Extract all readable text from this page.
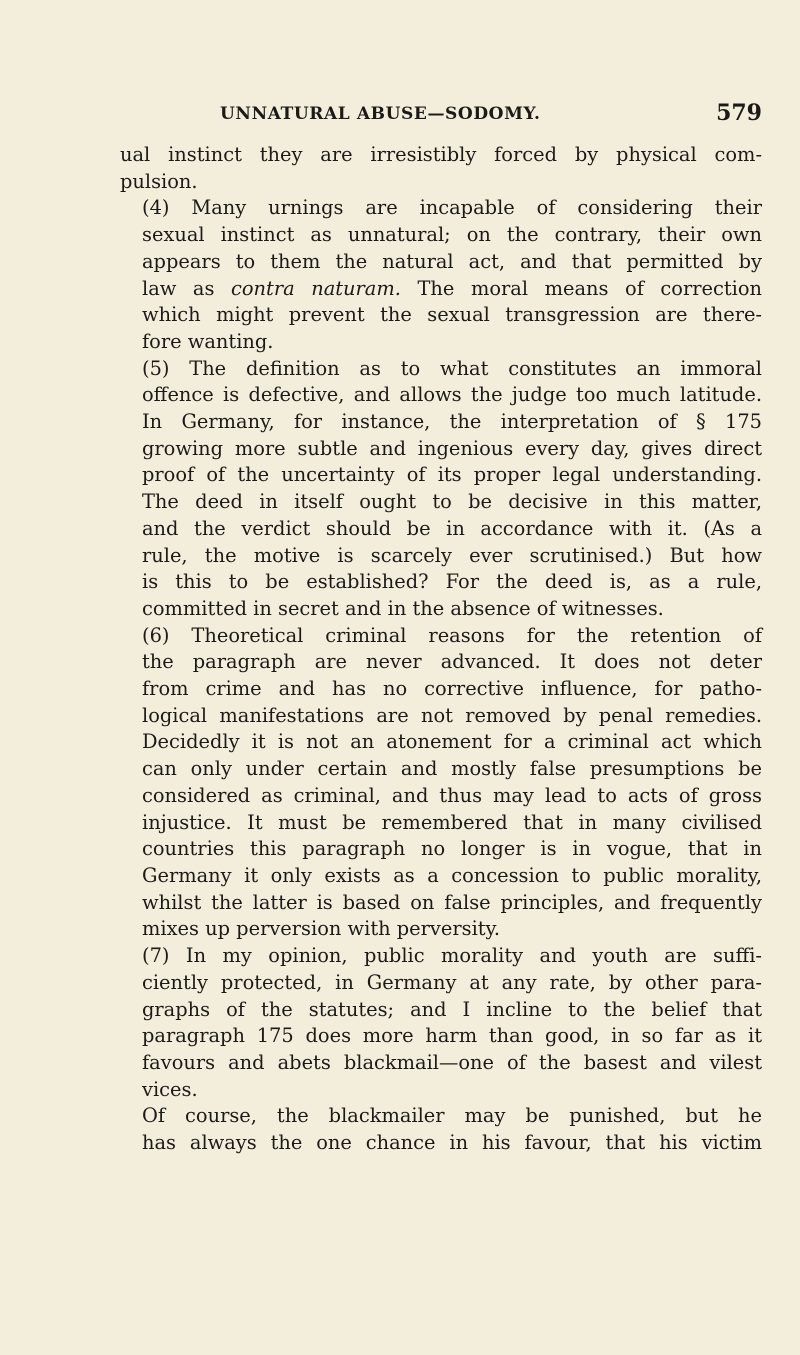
UNNATURAL ABUSE—SODOMY.	579

ual instinct they are irresistibly forced by physical com-
pulsion.

(4) Many urnings are incapable of considering their
sexual instinct as unnatural; on the contrary, their own
appears to them the natural act, and that permitted by
law as contra naturam. The moral means of correction
which might prevent the sexual transgression are there-
fore wanting.

(5) The definition as to what constitutes an immoral
offence is defective, and allows the judge too much latitude.
In Germany, for instance, the interpretation of § 175
growing more subtle and ingenious every day, gives direct
proof of the uncertainty of its proper legal understanding.
The deed in itself ought to be decisive in this matter,
and the verdict should be in accordance with it. (As a
rule, the motive is scarcely ever scrutinised.) But how
is this to be established? For the deed is, as a rule,
committed in secret and in the absence of witnesses.

(6) Theoretical criminal reasons for the retention of
the paragraph are never advanced. It does not deter
from crime and has no corrective influence, for patho-
logical manifestations are not removed by penal remedies.
Decidedly it is not an atonement for a criminal act which
can only under certain and mostly false presumptions be
considered as criminal, and thus may lead to acts of gross
injustice. It must be remembered that in many civilised
countries this paragraph no longer is in vogue, that in
Germany it only exists as a concession to public morality,
whilst the latter is based on false principles, and frequently
mixes up perversion with perversity.

(7) In my opinion, public morality and youth are suffi-
ciently protected, in Germany at any rate, by other para-
graphs of the statutes; and I incline to the belief that
paragraph 175 does more harm than good, in so far as it
favours and abets blackmail—one of the basest and vilest
vices.

Of course, the blackmailer may be punished, but he
has always the one chance in his favour, that his victim
